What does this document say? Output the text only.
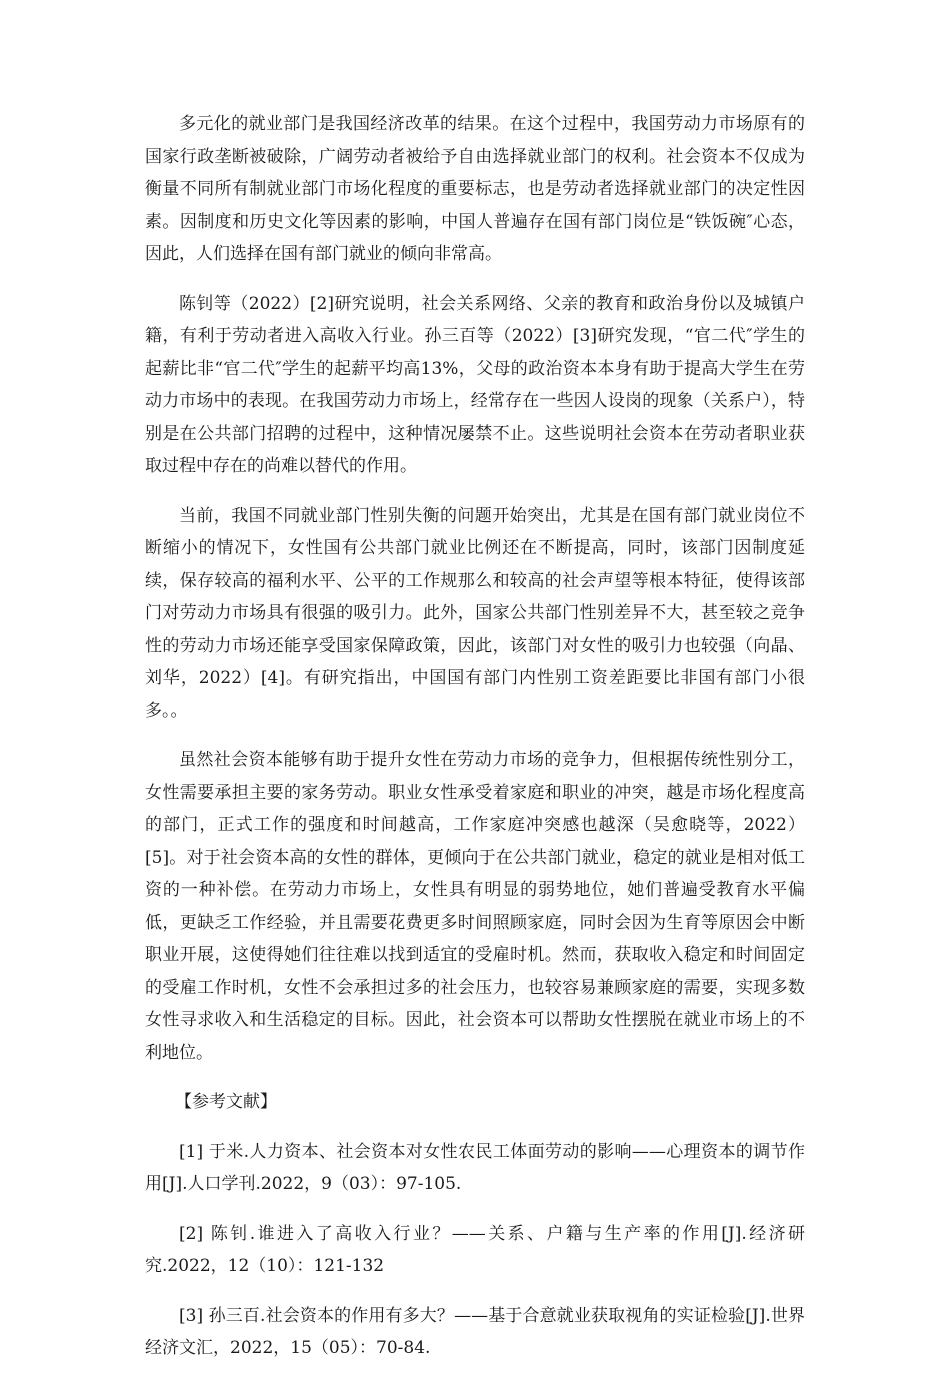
多元化的就业部门是我国经济改革的结果。在这个过程中，我国劳动力市场原有的国家行政垄断被破除，广阔劳动者被给予自由选择就业部门的权利。社会资本不仅成为衡量不同所有制就业部门市场化程度的重要标志，也是劳动者选择就业部门的决定性因素。因制度和历史文化等因素的影响，中国人普遍存在国有部门岗位是“铁饭碗″心态，因此，人们选择在国有部门就业的倾向非常高。

陈钊等（2022）[2]研究说明，社会关系网络、父亲的教育和政治身份以及城镇户籍，有利于劳动者进入高收入行业。孙三百等（2022）[3]研究发现，“官二代″学生的起薪比非“官二代″学生的起薪平均高13%，父母的政治资本本身有助于提高大学生在劳动力市场中的表现。在我国劳动力市场上，经常存在一些因人设岗的现象（关系户），特别是在公共部门招聘的过程中，这种情况屡禁不止。这些说明社会资本在劳动者职业获取过程中存在的尚难以替代的作用。

当前，我国不同就业部门性别失衡的问题开始突出，尤其是在国有部门就业岗位不断缩小的情况下，女性国有公共部门就业比例还在不断提高，同时，该部门因制度延续，保存较高的福利水平、公平的工作规那么和较高的社会声望等根本特征，使得该部门对劳动力市场具有很强的吸引力。此外，国家公共部门性别差异不大，甚至较之竞争性的劳动力市场还能享受国家保障政策，因此，该部门对女性的吸引力也较强（向晶、刘华，2022）[4]。有研究指出，中国国有部门内性别工资差距要比非国有部门小很多。。

虽然社会资本能够有助于提升女性在劳动力市场的竞争力，但根据传统性别分工，女性需要承担主要的家务劳动。职业女性承受着家庭和职业的冲突，越是市场化程度高的部门，正式工作的强度和时间越高，工作家庭冲突感也越深（吴愈晓等，2022）[5]。对于社会资本高的女性的群体，更倾向于在公共部门就业，稳定的就业是相对低工资的一种补偿。在劳动力市场上，女性具有明显的弱势地位，她们普遍受教育水平偏低，更缺乏工作经验，并且需要花费更多时间照顾家庭，同时会因为生育等原因会中断职业开展，这使得她们往往难以找到适宜的受雇时机。然而，获取收入稳定和时间固定的受雇工作时机，女性不会承担过多的社会压力，也较容易兼顾家庭的需要，实现多数女性寻求收入和生活稳定的目标。因此，社会资本可以帮助女性摆脱在就业市场上的不利地位。

【参考文献】

[1] 于米.人力资本、社会资本对女性农民工体面劳动的影响——心理资本的调节作用[J].人口学刊.2022，9（03）：97-105.

[2] 陈钊.谁进入了高收入行业？——关系、户籍与生产率的作用[J].经济研究.2022，12（10）：121-132

[3] 孙三百.社会资本的作用有多大？——基于合意就业获取视角的实证检验[J].世界经济文汇，2022，15（05）：70-84.
